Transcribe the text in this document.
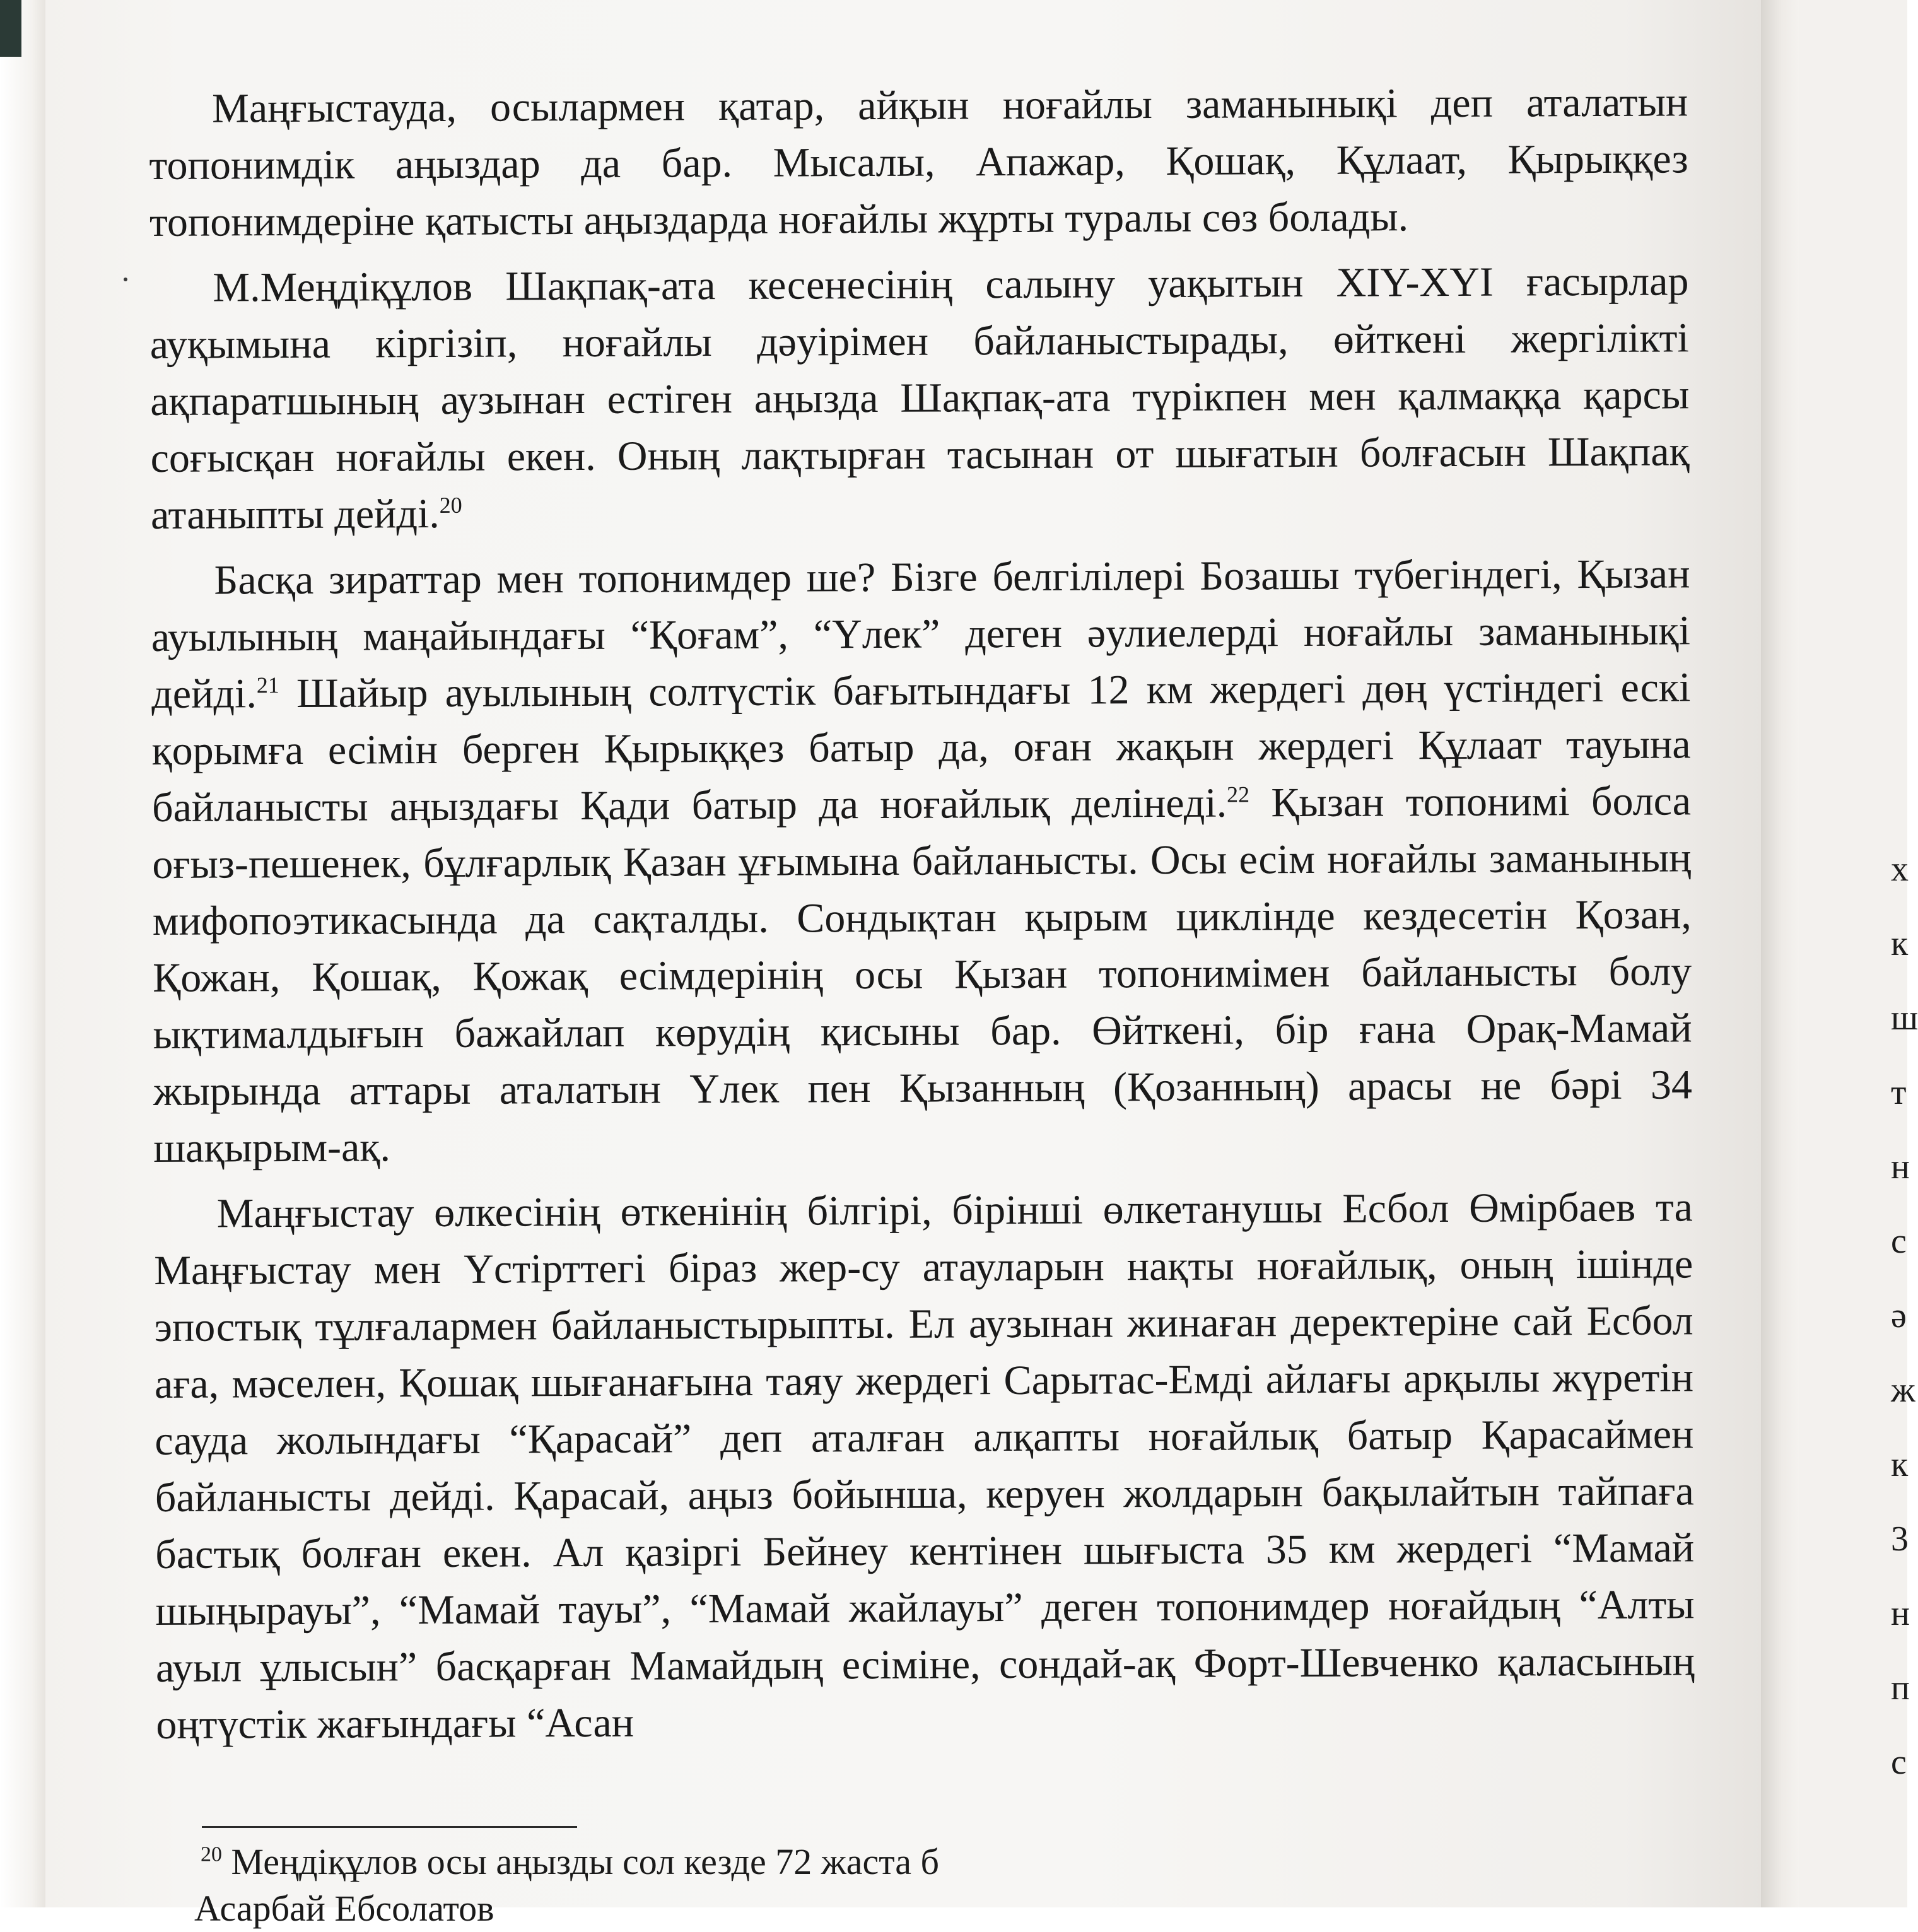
х
к
ш
т
н
с
ә
ж
к
3
н
п
с

Маңғыстауда, осылармен қатар, айқын ноғайлы заманынықі деп аталатын топонимдік аңыздар да бар. Мысалы, Апажар, Қошақ, Құлаат, Қырыққез топонимдеріне қатысты аңыздарда ноғайлы жұрты туралы сөз болады.

М.Меңдіқұлов Шақпақ-ата кесенесінің салыну уақытын XIY-XYI ғасырлар ауқымына кіргізіп, ноғайлы дәуірімен байланыстырады, өйткені жергілікті ақпаратшының аузынан естіген аңызда Шақпақ-ата түрікпен мен қалмаққа қарсы соғысқан ноғайлы екен. Оның лақтырған тасынан от шығатын болғасын Шақпақ атаныпты дейді.$^{20}$

Басқа зираттар мен топонимдер ше? Бізге белгілілері Бозашы түбегіндегі, Қызан ауылының маңайындағы “Қоғам”, “Үлек” деген әулиелерді ноғайлы заманынықі дейді.$^{21}$ Шайыр ауылының солтүстік бағытындағы 12 км жердегі дөң үстіндегі ескі қорымға есімін берген Қырыққез батыр да, оған жақын жердегі Құлаат тауына байланысты аңыздағы Қади батыр да ноғайлық делінеді.$^{22}$ Қызан топонимі болса оғыз-пешенек, бұлғарлық Қазан ұғымына байланысты. Осы есім ноғайлы заманының мифопоэтикасында да сақталды. Сондықтан қырым циклінде кездесетін Қозан, Қожан, Қошақ, Қожақ есімдерінің осы Қызан топонимімен байланысты болу ықтималдығын бажайлап көрудің қисыны бар. Өйткені, бір ғана Орақ-Мамай жырында аттары аталатын Үлек пен Қызанның (Қозанның) арасы не бәрі 34 шақырым-ақ.

Маңғыстау өлкесінің өткенінің білгірі, бірінші өлкетанушы Есбол Өмірбаев та Маңғыстау мен Үстірттегі біраз жер-су атауларын нақты ноғайлық, оның ішінде эпостық тұлғалармен байланыстырыпты. Ел аузынан жинаған деректеріне сай Есбол аға, мәселен, Қошақ шығанағына таяу жердегі Сарытас-Емді айлағы арқылы жүретін сауда жолындағы “Қарасай” деп аталған алқапты ноғайлық батыр Қарасаймен байланысты дейді. Қарасай, аңыз бойынша, керуен жолдарын бақылайтын тайпаға бастық болған екен. Ал қазіргі Бейнеу кентінен шығыста 35 км жердегі “Мамай шыңырауы”, “Мамай тауы”, “Мамай жайлауы” деген топонимдер ноғайдың “Алты ауыл ұлысын” басқарған Мамайдың есіміне, сондай-ақ Форт-Шевченко қаласының оңтүстік жағындағы “Асан

$^{20}$ Меңдіқұлов осы аңызды сол кезде 72 жаста б
Асарбай Ебсолатов
